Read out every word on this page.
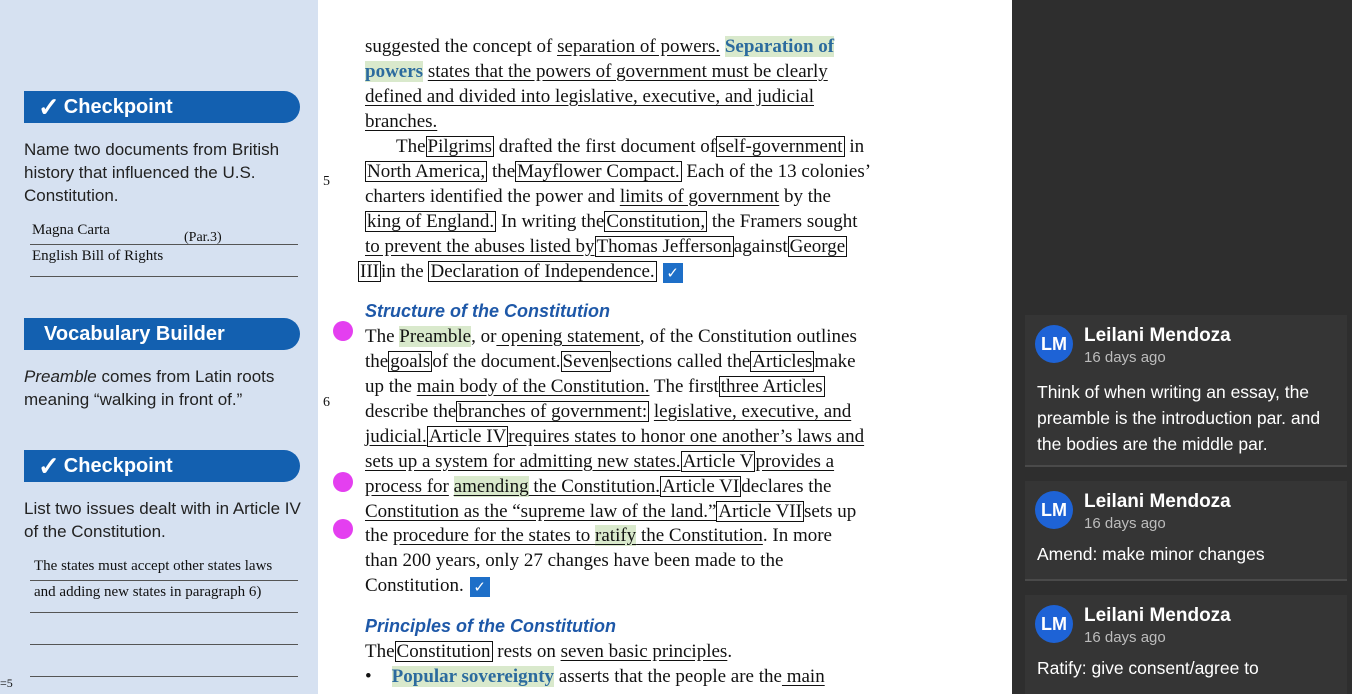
✓ Checkpoint
Name two documents from British history that influenced the U.S. Constitution.
Magna Carta	(Par.3)
English Bill of Rights
Vocabulary Builder
Preamble comes from Latin roots meaning “walking in front of.”
✓ Checkpoint
List two issues dealt with in Article IV of the Constitution.
The states must accept other states laws
and adding new states in paragraph 6)
=5
5
6
suggested the concept of separation of powers. Separation of
powers states that the powers of government must be clearly
defined and divided into legislative, executive, and judicial
branches.
The Pilgrims drafted the first document of self-government in
North America, the Mayflower Compact. Each of the 13 colonies’
charters identified the power and limits of government by the
king of England. In writing the Constitution, the Framers sought
to prevent the abuses listed by Thomas Jefferson against George
III in the Declaration of Independence. ✓
Structure of the Constitution
The Preamble, or opening statement, of the Constitution outlines
the goals of the document. Seven sections called the Articles make
up the main body of the Constitution. The first three Articles
describe the branches of government: legislative, executive, and
judicial. Article IV requires states to honor one another’s laws and
sets up a system for admitting new states. Article V provides a
process for amending the Constitution. Article VI declares the
Constitution as the “supreme law of the land.” Article VII sets up
the procedure for the states to ratify the Constitution. In more
than 200 years, only 27 changes have been made to the
Constitution. ✓
Principles of the Constitution
The Constitution rests on seven basic principles.
• Popular sovereignty asserts that the people are the main
LM Leilani Mendoza
16 days ago
Think of when writing an essay, the preamble is the introduction par. and the bodies are the middle par.
LM Leilani Mendoza
16 days ago
Amend: make minor changes
LM Leilani Mendoza
16 days ago
Ratify: give consent/agree to
